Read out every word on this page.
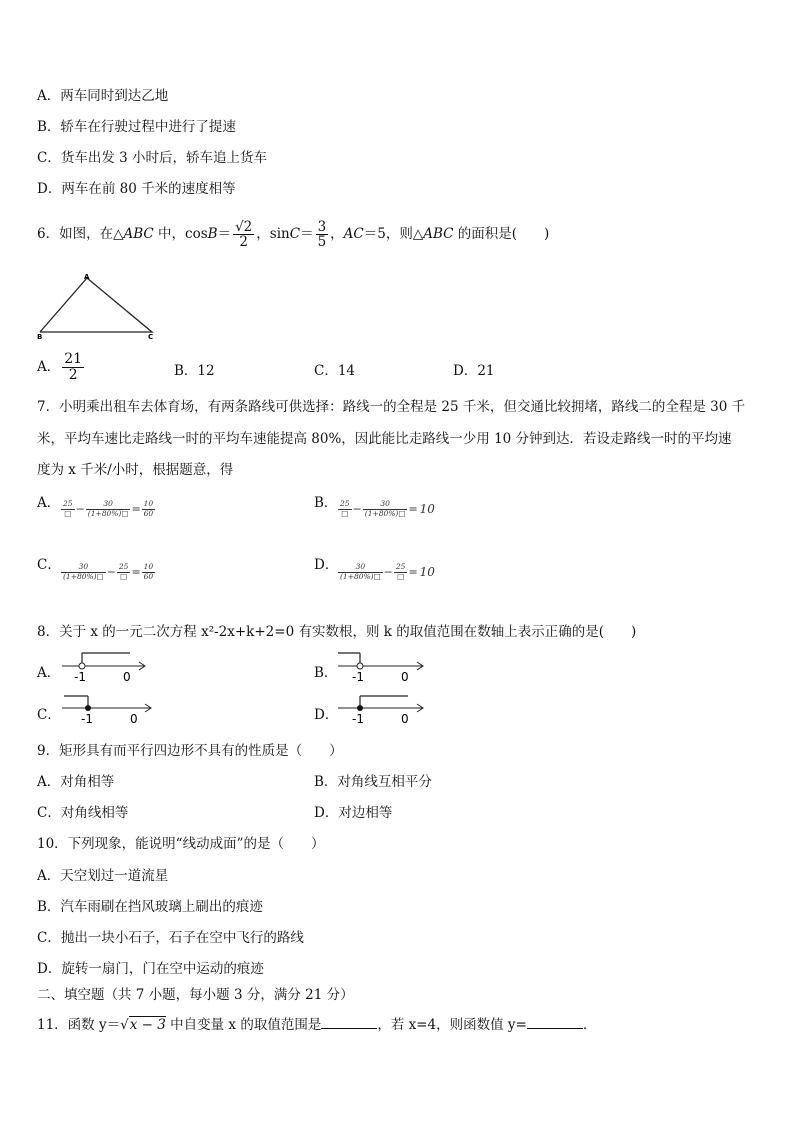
A．两车同时到达乙地
B．轿车在行驶过程中进行了提速
C．货车出发 3 小时后，轿车追上货车
D．两车在前 80 千米的速度相等
6．如图，在△ABC 中，$\cos B= \frac{√2}{2}$ ，$\sin C= \frac{3}{5}$ ，AC＝5，则△ABC 的面积是(　　)
A
B	C
A． $\frac{21}{2}$	B．12	C．14	D．21
7．小明乘出租车去体育场，有两条路线可供选择：路线一的全程是 25 千米，但交通比较拥堵，路线二的全程是 30 千
米，平均车速比走路线一时的平均车速能提高 80%，因此能比走路线一少用 10 分钟到达．若设走路线一时的平均速
度为 x 千米/小时，根据题意，得
A． $\frac{25}{□} - \frac{30}{(1+80\%)□} = \frac{10}{60}$	B． $\frac{25}{□} - \frac{30}{(1+80\%)□} = 10$
C． $\frac{30}{(1+80\%)□} - \frac{25}{□} = \frac{10}{60}$	D． $\frac{30}{(1+80\%)□} - \frac{25}{□} = 10$
8．关于 x 的一元二次方程 x²-2x+k+2=0 有实数根，则 k 的取值范围在数轴上表示正确的是(　　)
A． -1	0	B． -1	0
C． -1	0	D． -1	0
9．矩形具有而平行四边形不具有的性质是（　　）
A．对角相等	B．对角线互相平分
C．对角线相等	D．对边相等
10．下列现象，能说明“线动成面”的是（　　）
A．天空划过一道流星
B．汽车雨刷在挡风玻璃上刷出的痕迹
C．抛出一块小石子，石子在空中飞行的路线
D．旋转一扇门，门在空中运动的痕迹
二、填空题（共 7 小题，每小题 3 分，满分 21 分）
11．函数 y＝√x − 3 中自变量 x 的取值范围是	，若 x=4，则函数值 y=	．
